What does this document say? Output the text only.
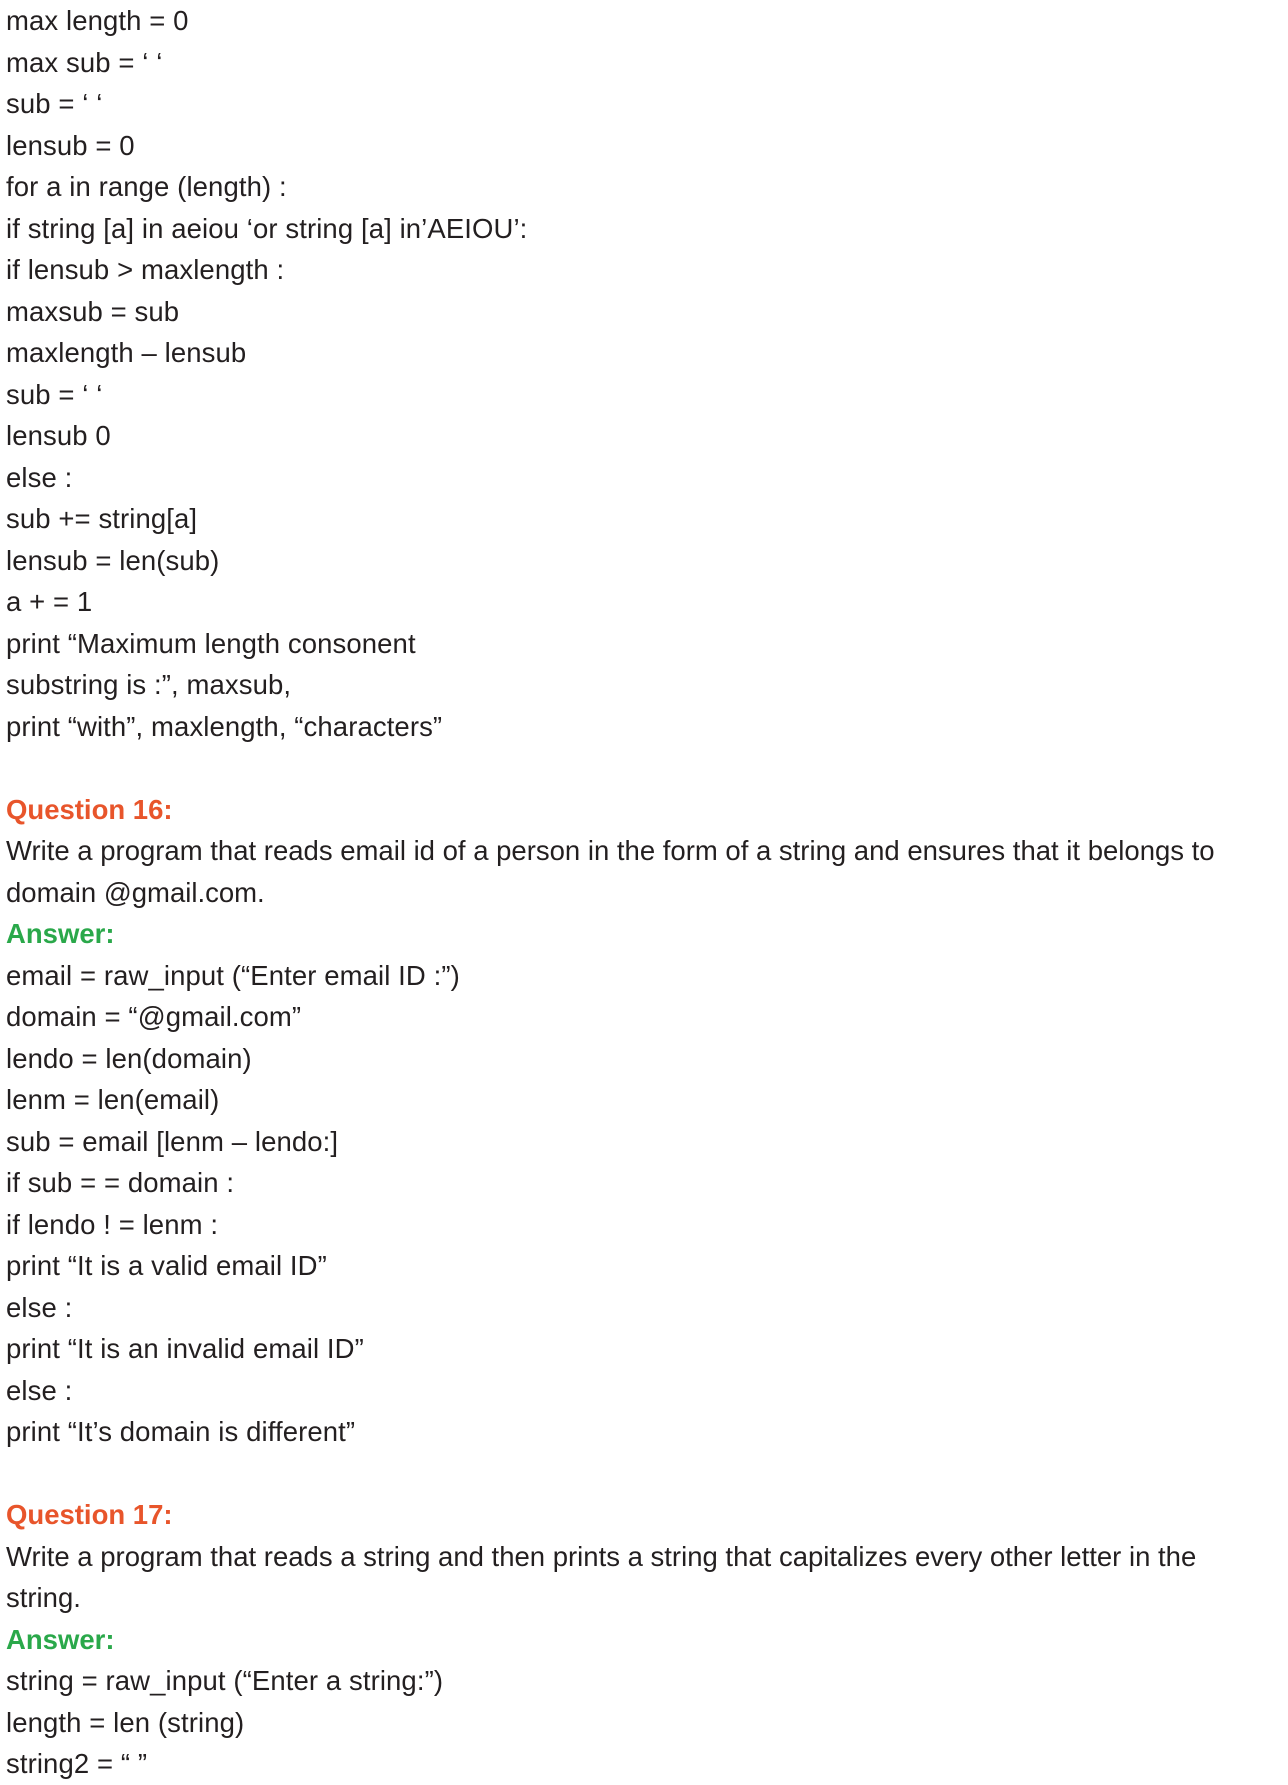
max length = 0
max sub = ‘ ‘
sub = ‘ ‘
lensub = 0
for a in range (length) :
if string [a] in aeiou ‘or string [a] in’AEIOU’:
if lensub > maxlength :
maxsub = sub
maxlength – lensub
sub = ‘ ‘
lensub 0
else :
sub += string[a]
lensub = len(sub)
a + = 1
print “Maximum length consonent
substring is :”, maxsub,
print “with”, maxlength, “characters”
Question 16:
Write a program that reads email id of a person in the form of a string and ensures that it belongs to domain @gmail.com.
Answer:
email = raw_input (“Enter email ID :”)
domain = “@gmail.com”
lendo = len(domain)
lenm = len(email)
sub = email [lenm – lendo:]
if sub = = domain :
if lendo ! = lenm :
print “It is a valid email ID”
else :
print “It is an invalid email ID”
else :
print “It’s domain is different”
Question 17:
Write a program that reads a string and then prints a string that capitalizes every other letter in the string.
Answer:
string = raw_input (“Enter a string:”)
length = len (string)
string2 = “ ”
